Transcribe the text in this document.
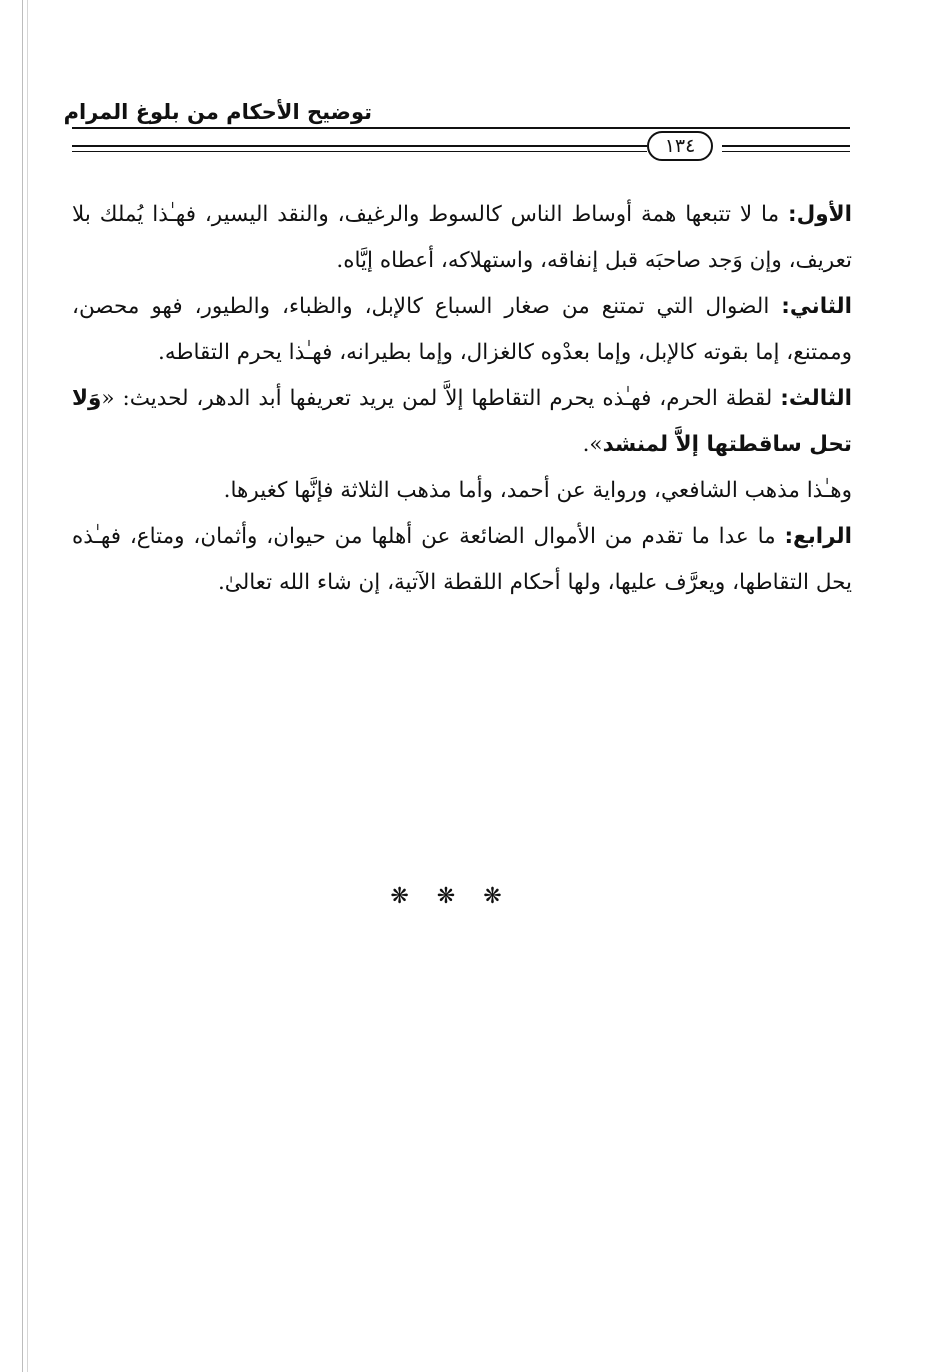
توضيح الأحكام من بلوغ المرام
١٣٤

الأول: ما لا تتبعها همة أوساط الناس كالسوط والرغيف، والنقد اليسير، فهـٰذا يُملك بلا تعريف، وإن وَجد صاحبَه قبل إنفاقه، واستهلاكه، أعطاه إيَّاه.

الثاني: الضوال التي تمتنع من صغار السباع كالإبل، والظباء، والطيور، فهو محصن، وممتنع، إما بقوته كالإبل، وإما بعدْوه كالغزال، وإما بطيرانه، فهـٰذا يحرم التقاطه.

الثالث: لقطة الحرم، فهـٰذه يحرم التقاطها إلاَّ لمن يريد تعريفها أبد الدهر، لحديث: «وَلا تحل ساقطتها إلاَّ لمنشد».

وهـٰذا مذهب الشافعي، ورواية عن أحمد، وأما مذهب الثلاثة فإنَّها كغيرها.

الرابع: ما عدا ما تقدم من الأموال الضائعة عن أهلها من حيوان، وأثمان، ومتاع، فهـٰذه يحل التقاطها، ويعرَّف عليها، ولها أحكام اللقطة الآتية، إن شاء الله تعالىٰ.

❋❋❋
